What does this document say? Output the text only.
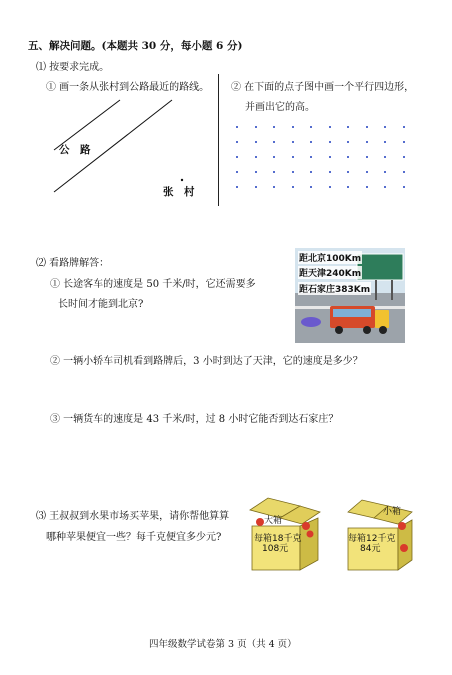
五、解决问题。(本题共 30 分，每小题 6 分)
⑴ 按要求完成。
① 画一条从张村到公路最近的路线。
公　路
张　村
② 在下面的点子图中画一个平行四边形，
并画出它的高。
⑵ 看路牌解答：
① 长途客车的速度是 50 千米/时，它还需要多
长时间才能到北京?
距北京100Km
距天津240Km
距石家庄383Km
② 一辆小轿车司机看到路牌后，3 小时到达了天津，它的速度是多少？
③ 一辆货车的速度是 43 千米/时，过 8 小时它能否到达石家庄？
⑶ 王叔叔到水果市场买苹果，请你帮他算算
哪种苹果便宜一些？每千克便宜多少元?
大箱
每箱18千克
108元
小箱
每箱12千克
84元
四年级数学试卷第 3 页（共 4 页）
